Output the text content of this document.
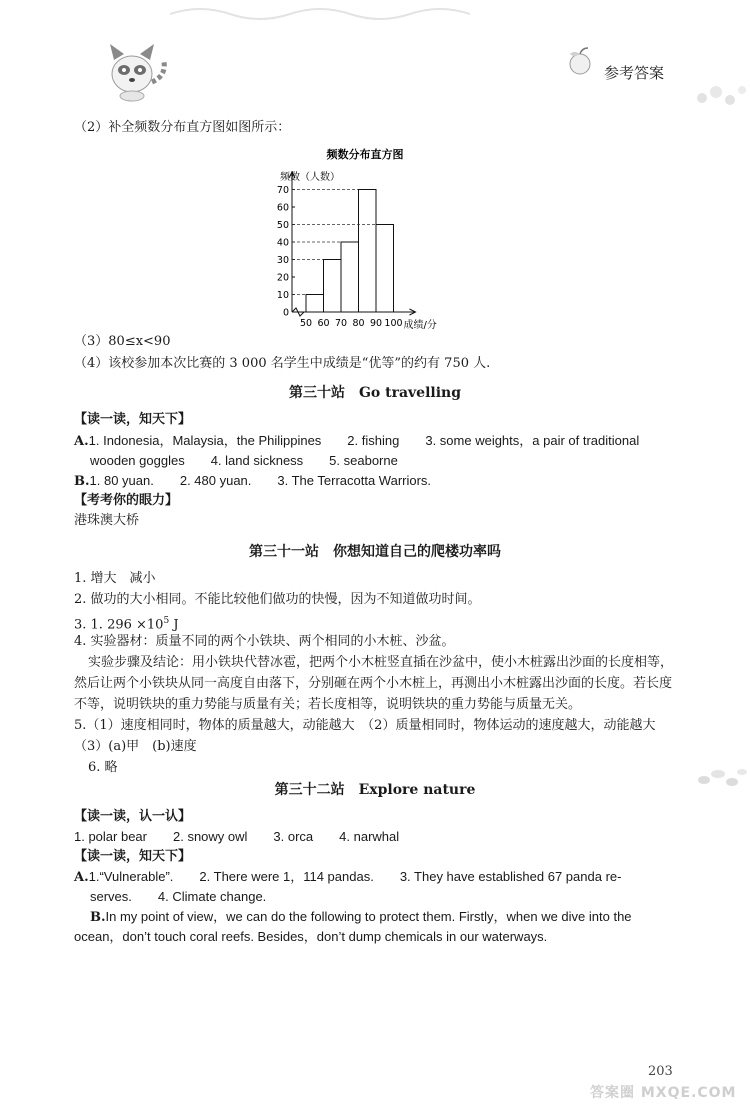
参考答案
（2）补全频数分布直方图如图所示：
频数分布直方图
频数（人数）
0
10
20
30
40
50
60
70
50 60 70 80 90 100 成绩/分
（3）80≤x<90
（4）该校参加本次比赛的 3 000 名学生中成绩是“优等”的约有 750 人.
第三十站　Go travelling
【读一读，知天下】
A.1. Indonesia，Malaysia，the Philippines　　2. fishing　　3. some weights，a pair of traditional
wooden goggles　　4. land sickness　　5. seaborne
B.1. 80 yuan.　　2. 480 yuan.　　3. The Terracotta Warriors.
【考考你的眼力】
港珠澳大桥
第三十一站　你想知道自己的爬楼功率吗
1. 增大　减小
2. 做功的大小相同。不能比较他们做功的快慢，因为不知道做功时间。
3. 1. $296 \times 10^5$ J
4. 实验器材：质量不同的两个小铁块、两个相同的小木桩、沙盆。
实验步骤及结论：用小铁块代替冰雹，把两个小木桩竖直插在沙盆中，使小木桩露出沙面的长度相等，
然后让两个小铁块从同一高度自由落下，分别砸在两个小木桩上，再测出小木桩露出沙面的长度。若长度
不等，说明铁块的重力势能与质量有关；若长度相等，说明铁块的重力势能与质量无关。
5.（1）速度相同时，物体的质量越大，动能越大　（2）质量相同时，物体运动的速度越大，动能越大
（3）(a)甲　(b)速度
6. 略
第三十二站　Explore nature
【读一读，认一认】
1. polar bear　　2. snowy owl　　3. orca　　4. narwhal
【读一读，知天下】
A.1.“Vulnerable”.　　2. There were 1，114 pandas.　　3. They have established 67 panda re-
serves.　　4. Climate change.
B.In my point of view，we can do the following to protect them. Firstly，when we dive into the
ocean，don’t touch coral reefs. Besides，don’t dump chemicals in our waterways.
203
答案圈 MXQE.COM
